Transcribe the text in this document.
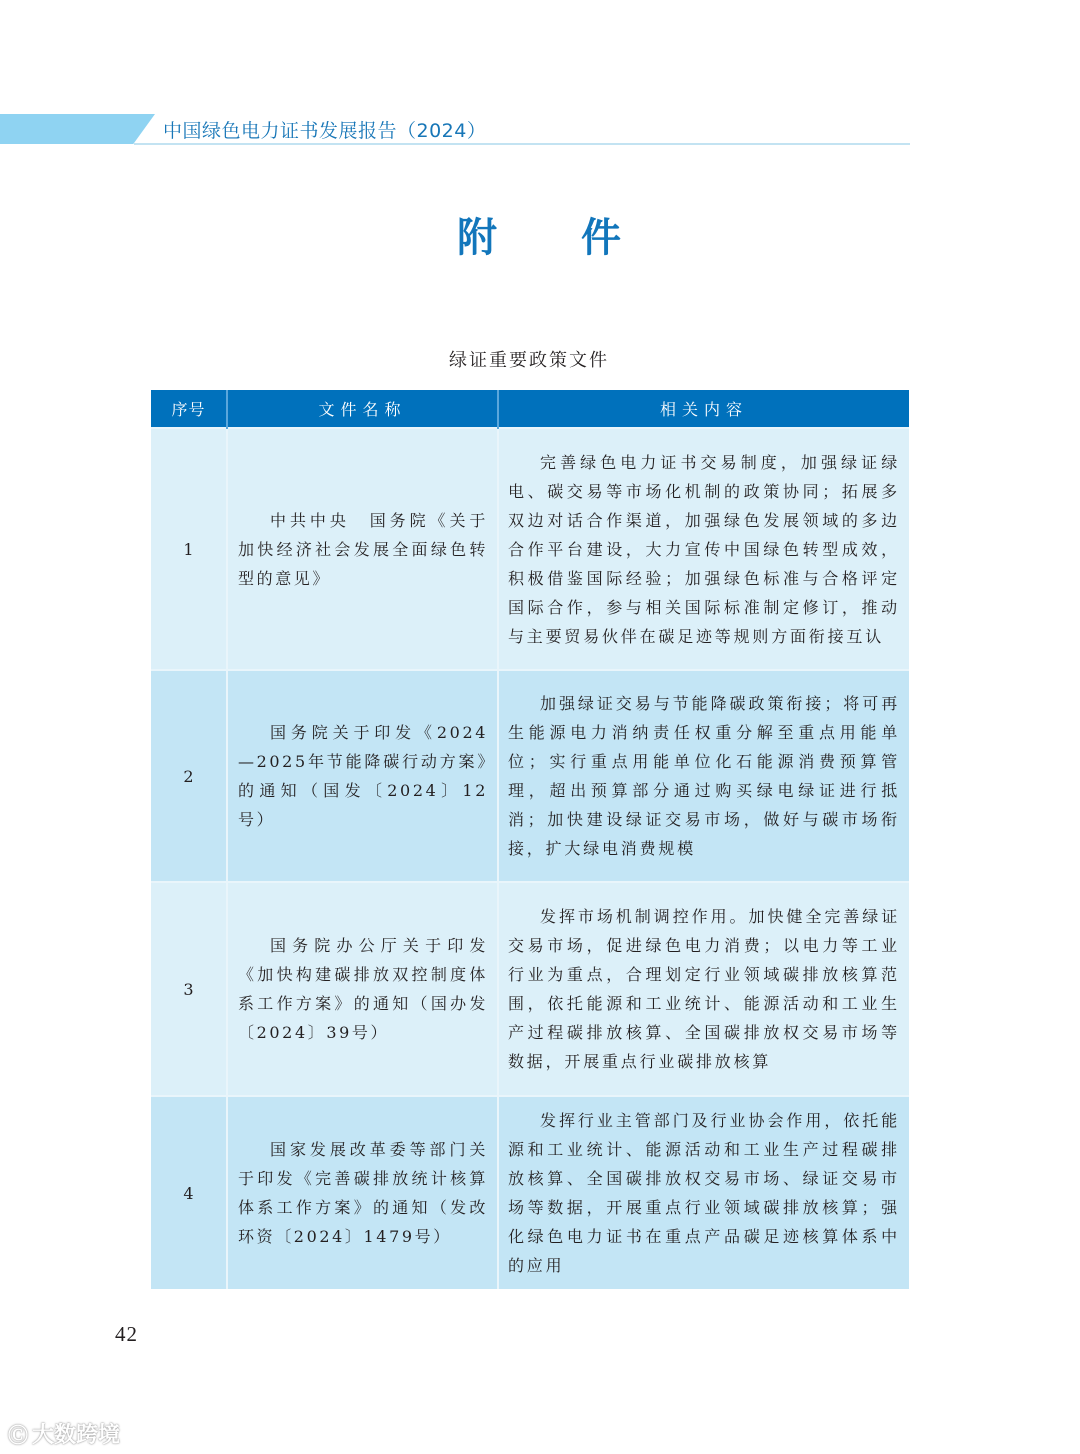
中国绿色电力证书发展报告（2024）
附 件
绿证重要政策文件
序号	文件名称	相关内容
1	中共中央　国务院《关于加快经济社会发展全面绿色转型的意见》	完善绿色电力证书交易制度，加强绿证绿电、碳交易等市场化机制的政策协同；拓展多双边对话合作渠道，加强绿色发展领域的多边合作平台建设，大力宣传中国绿色转型成效，积极借鉴国际经验；加强绿色标准与合格评定国际合作，参与相关国际标准制定修订，推动与主要贸易伙伴在碳足迹等规则方面衔接互认

2	国务院关于印发《2024—2025年节能降碳行动方案》的通知（国发〔2024〕12号）	加强绿证交易与节能降碳政策衔接；将可再生能源电力消纳责任权重分解至重点用能单位；实行重点用能单位化石能源消费预算管理，超出预算部分通过购买绿电绿证进行抵消；加快建设绿证交易市场，做好与碳市场衔接，扩大绿电消费规模

3	国务院办公厅关于印发《加快构建碳排放双控制度体系工作方案》的通知（国办发〔2024〕39号）	发挥市场机制调控作用。加快健全完善绿证交易市场，促进绿色电力消费；以电力等工业行业为重点，合理划定行业领域碳排放核算范围，依托能源和工业统计、能源活动和工业生产过程碳排放核算、全国碳排放权交易市场等数据，开展重点行业碳排放核算

4	国家发展改革委等部门关于印发《完善碳排放统计核算体系工作方案》的通知（发改环资〔2024〕1479号）	发挥行业主管部门及行业协会作用，依托能源和工业统计、能源活动和工业生产过程碳排放核算、全国碳排放权交易市场、绿证交易市场等数据，开展重点行业领域碳排放核算；强化绿色电力证书在重点产品碳足迹核算体系中的应用

42
Ⓒ 大数跨境
